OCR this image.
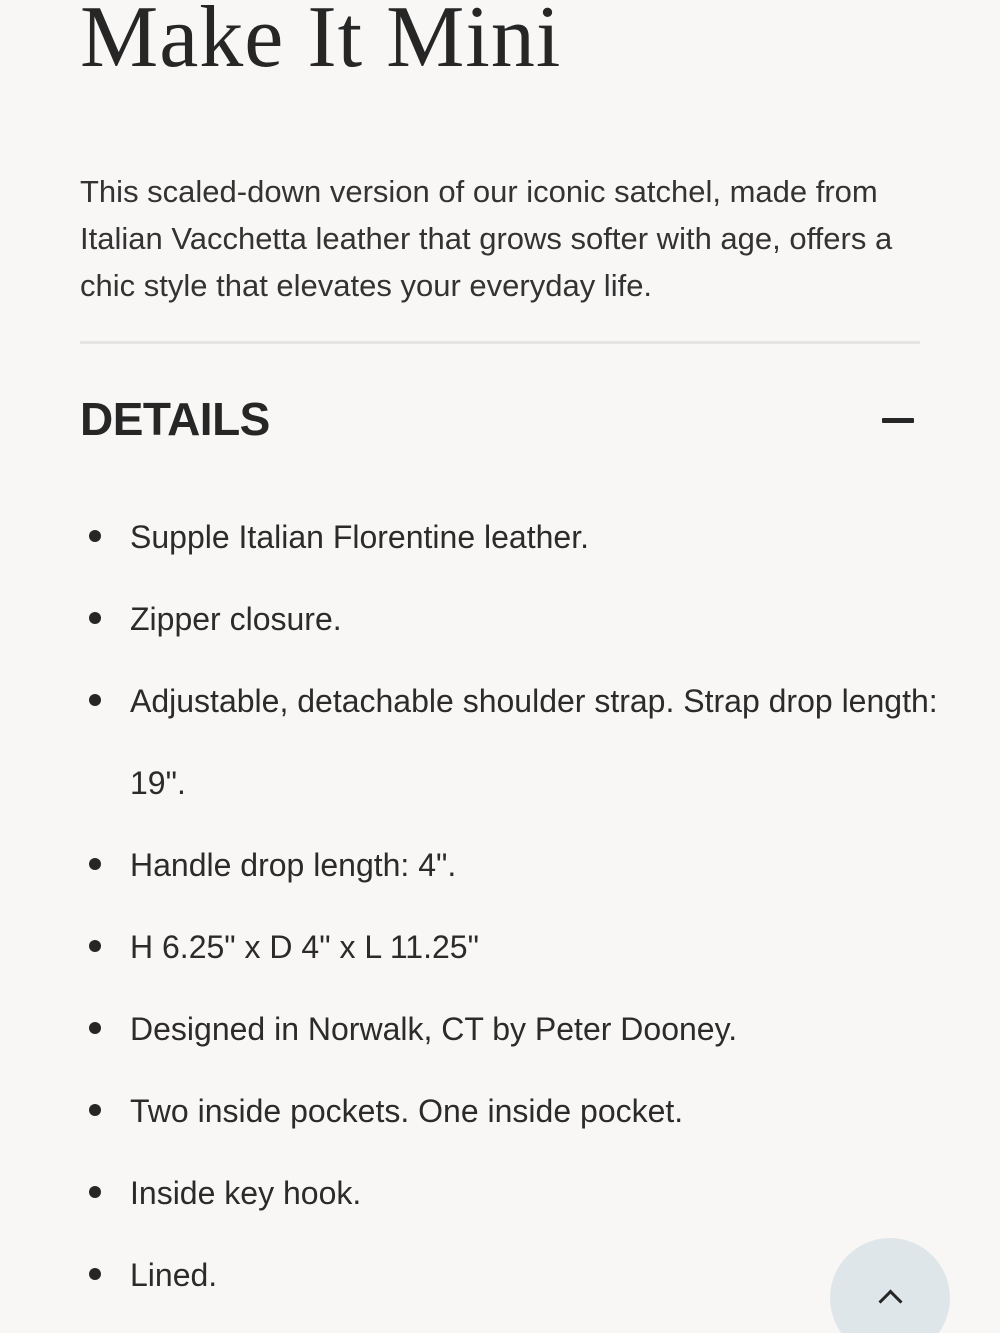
Make It Mini

This scaled-down version of our iconic satchel, made from Italian Vacchetta leather that grows softer with age, offers a chic style that elevates your everyday life.

DETAILS
Supple Italian Florentine leather.
Zipper closure.
Adjustable, detachable shoulder strap. Strap drop length: 19".
Handle drop length: 4".
H 6.25" x D 4" x L 11.25"
Designed in Norwalk, CT by Peter Dooney.
Two inside pockets. One inside pocket.
Inside key hook.
Lined.
